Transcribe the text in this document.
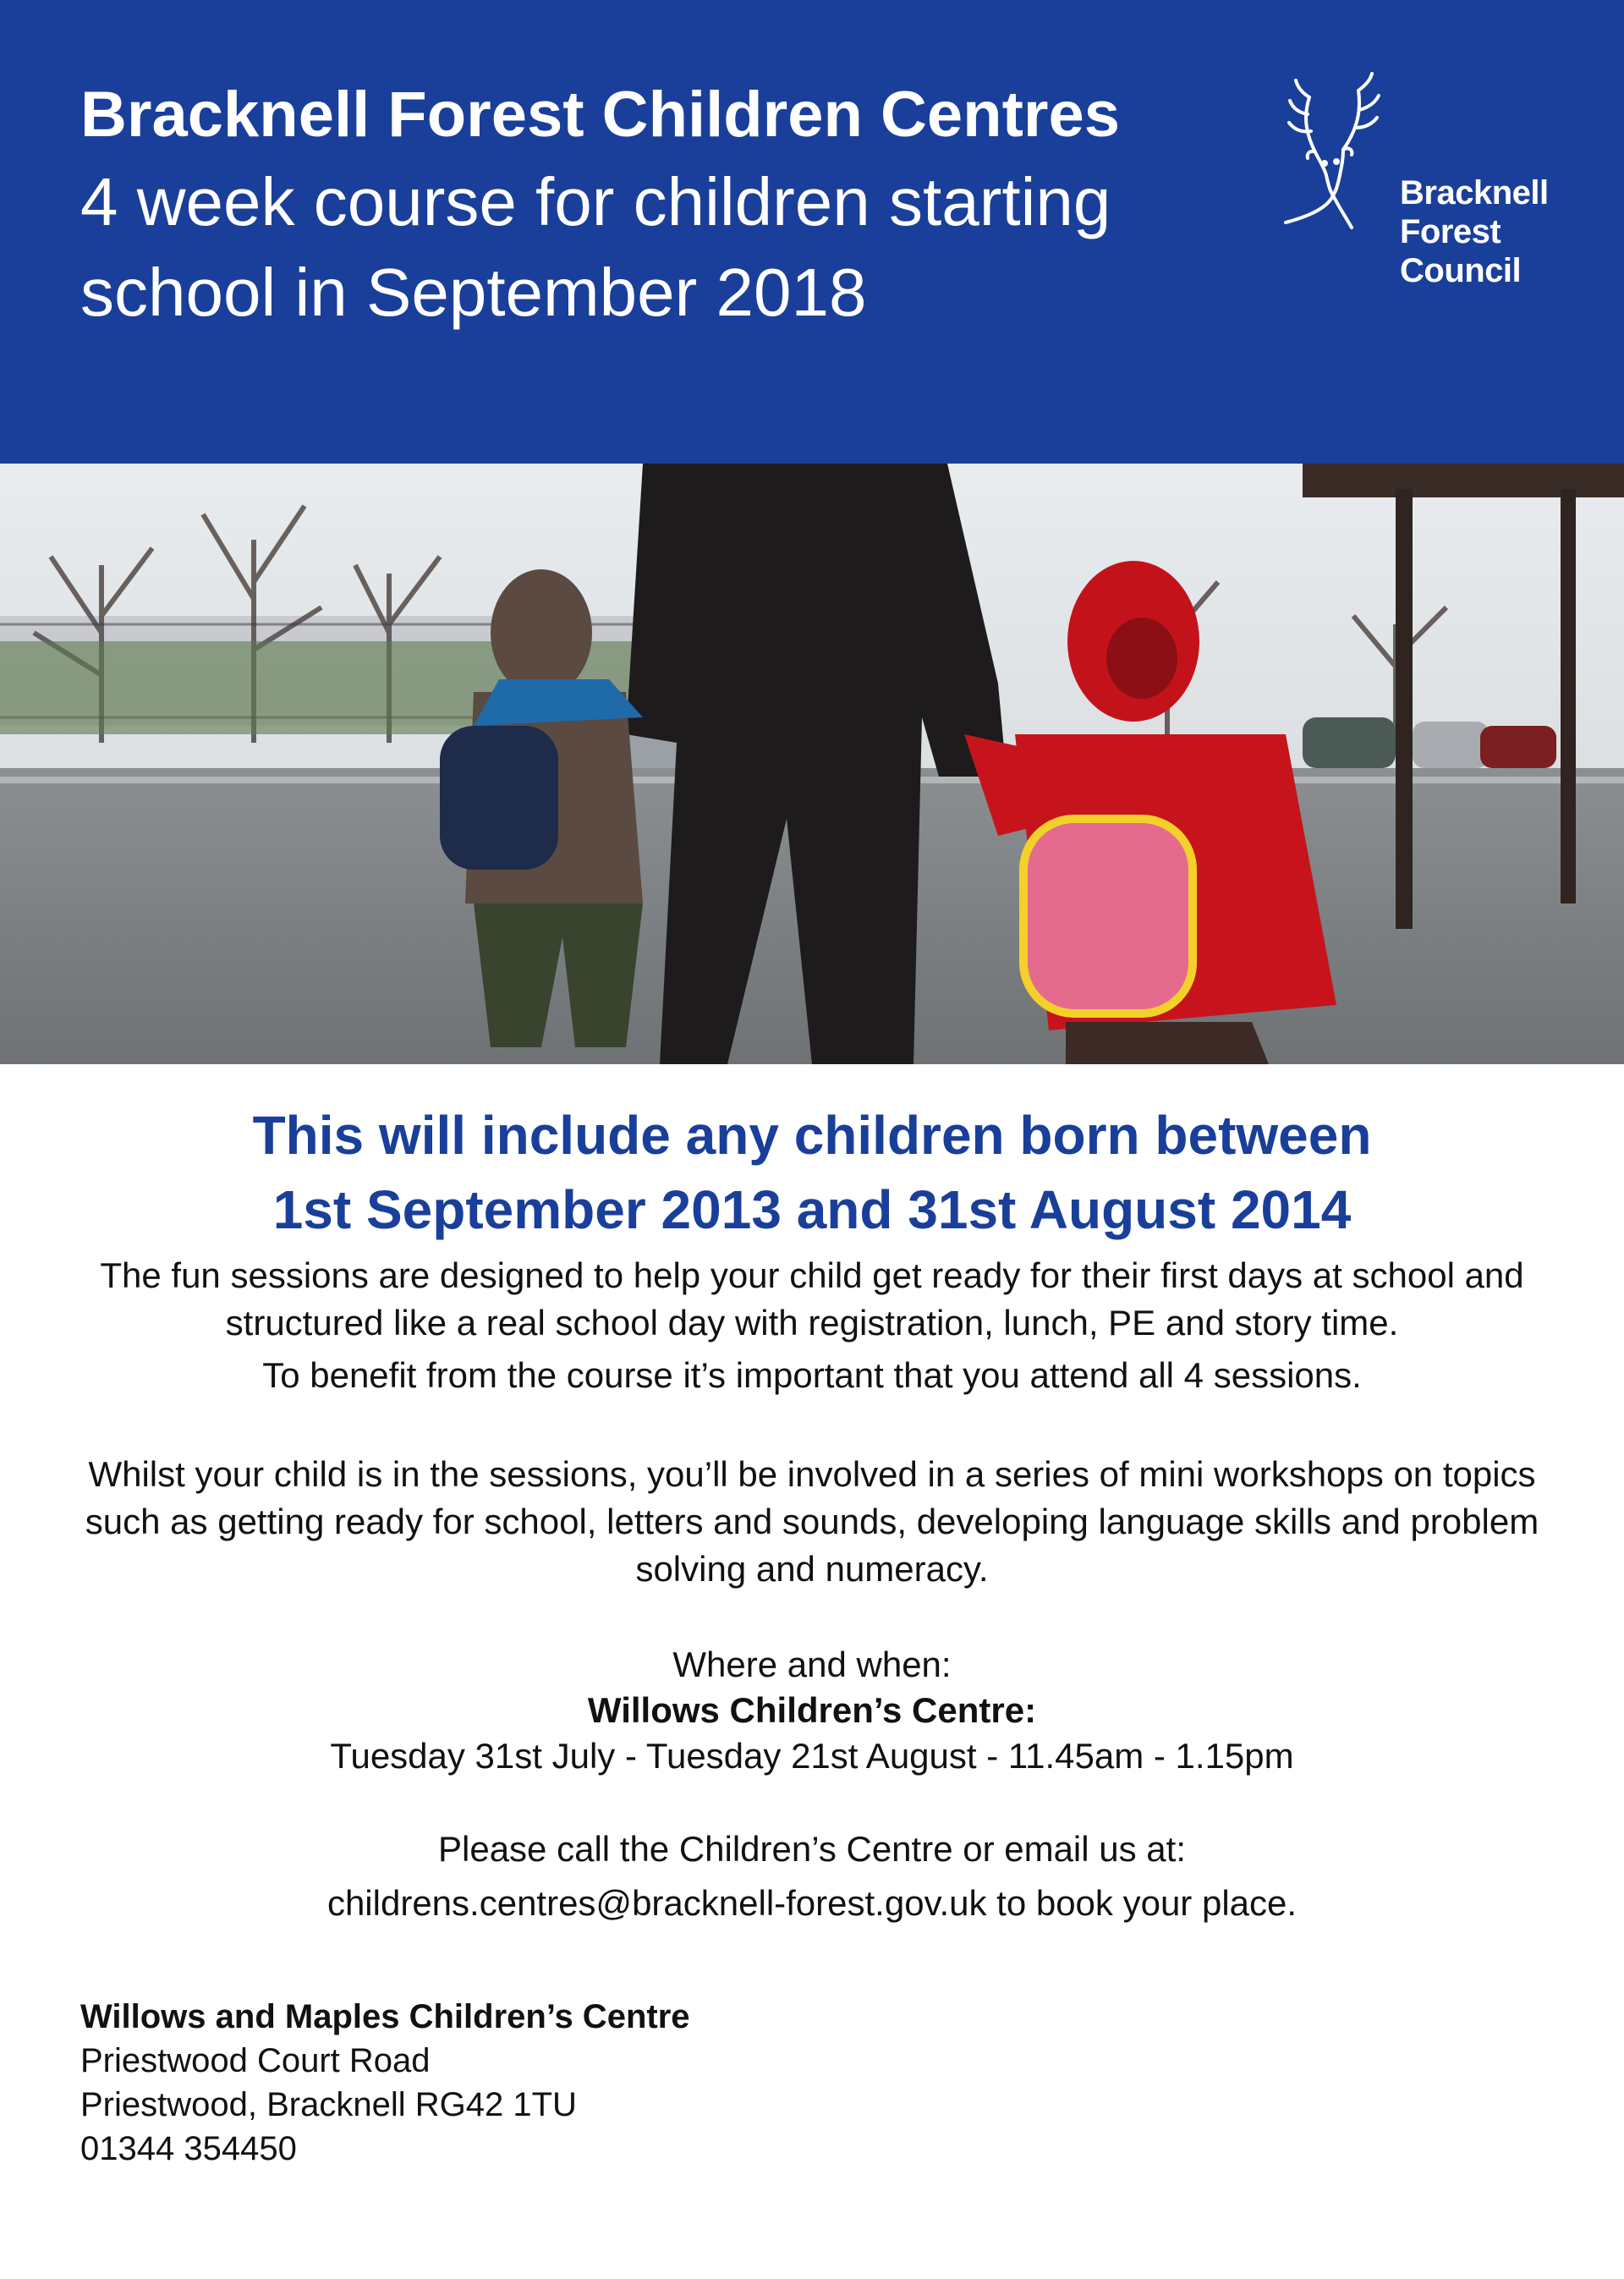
Bracknell Forest Children Centres
4 week course for children starting school in September 2018
Bracknell
Forest
Council
This will include any children born between
1st September 2013 and 31st August 2014
The fun sessions are designed to help your child get ready for their first days at school and structured like a real school day with registration, lunch, PE and story time.
To benefit from the course it’s important that you attend all 4 sessions.
Whilst your child is in the sessions, you’ll be involved in a series of mini workshops on topics such as getting ready for school, letters and sounds, developing language skills and problem solving and numeracy.
Where and when:
Willows Children’s Centre:
Tuesday 31st July - Tuesday 21st August - 11.45am - 1.15pm
Please call the Children’s Centre or email us at:
childrens.centres@bracknell-forest.gov.uk to book your place.
Willows and Maples Children’s Centre
Priestwood Court Road
Priestwood, Bracknell RG42 1TU
01344 354450
